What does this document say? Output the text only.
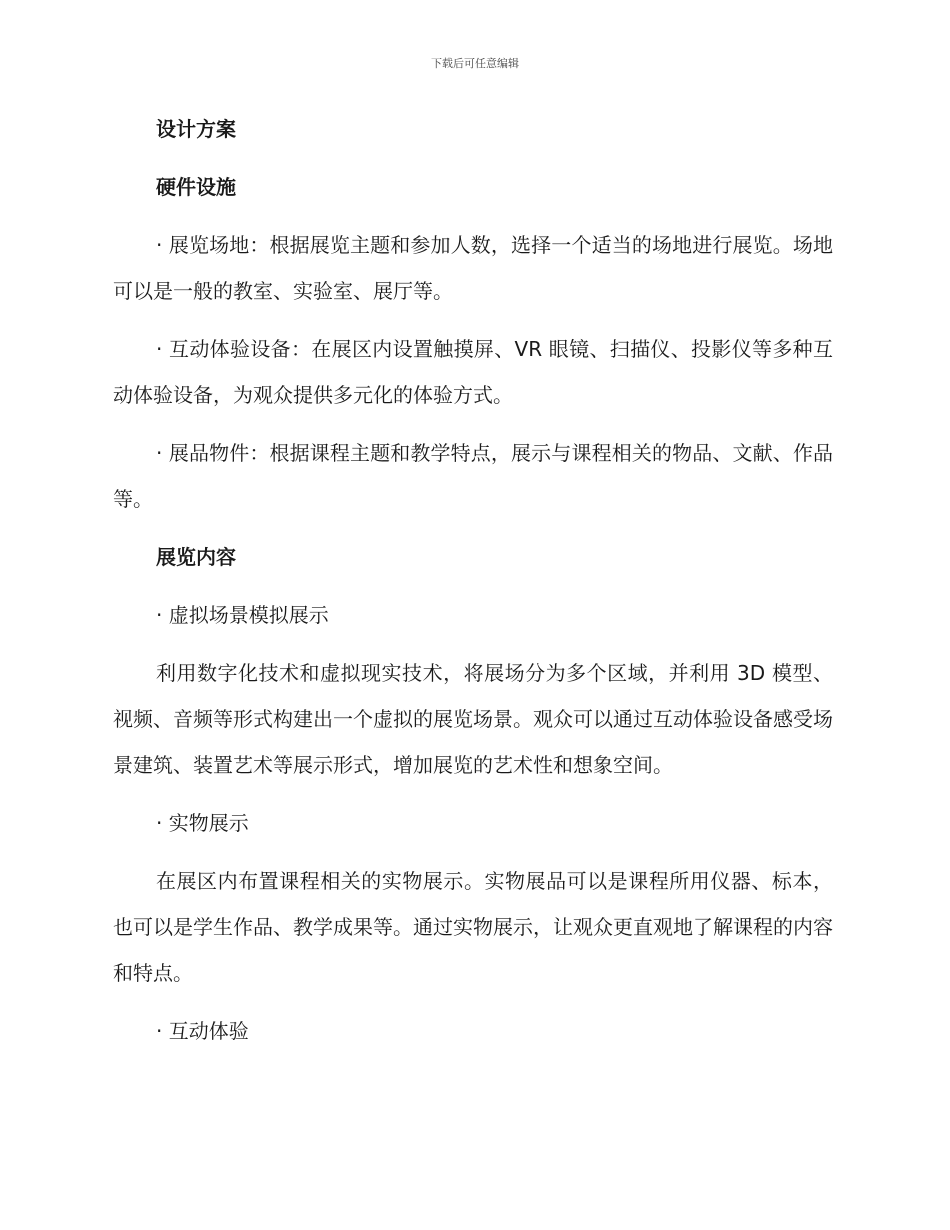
下载后可任意编辑
设计方案
硬件设施

· 展览场地：根据展览主题和参加人数，选择一个适当的场地进行展览。场地可以是一般的教室、实验室、展厅等。

· 互动体验设备：在展区内设置触摸屏、VR 眼镜、扫描仪、投影仪等多种互动体验设备，为观众提供多元化的体验方式。

· 展品物件：根据课程主题和教学特点，展示与课程相关的物品、文献、作品等。

展览内容
· 虚拟场景模拟展示

利用数字化技术和虚拟现实技术，将展场分为多个区域，并利用 3D 模型、视频、音频等形式构建出一个虚拟的展览场景。观众可以通过互动体验设备感受场景建筑、装置艺术等展示形式，增加展览的艺术性和想象空间。

· 实物展示

在展区内布置课程相关的实物展示。实物展品可以是课程所用仪器、标本，也可以是学生作品、教学成果等。通过实物展示，让观众更直观地了解课程的内容和特点。

· 互动体验
